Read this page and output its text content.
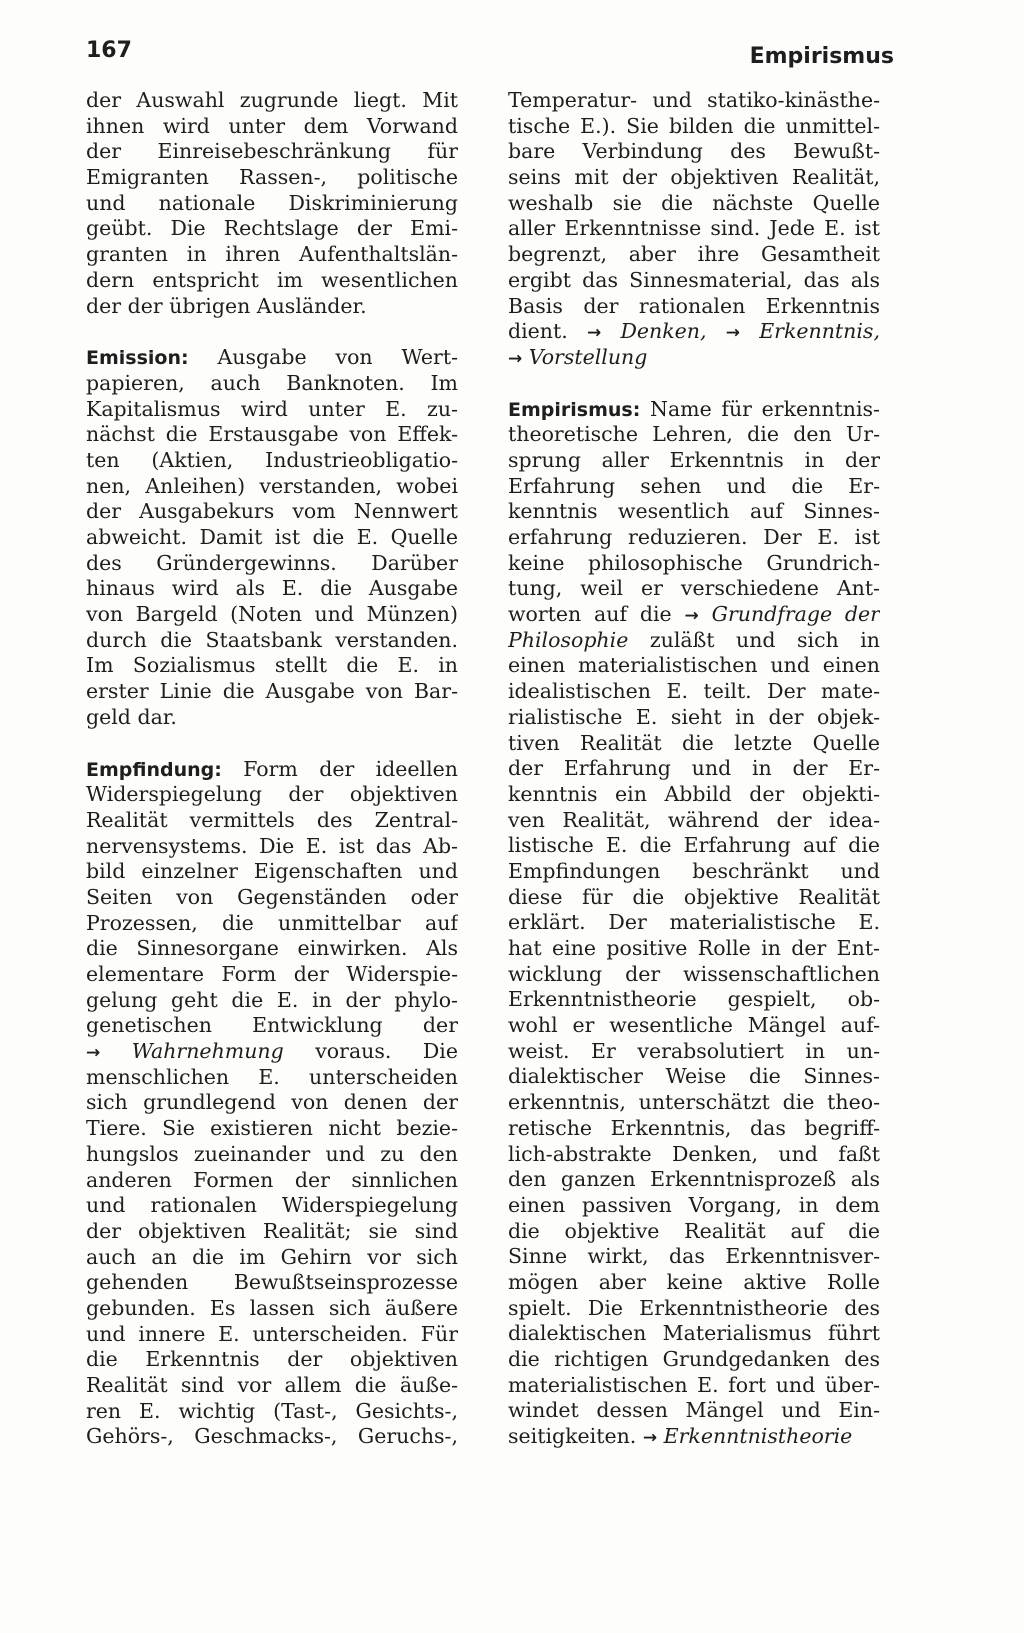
167	Empirismus
der Auswahl zugrunde liegt. Mit
ihnen wird unter dem Vorwand
der Einreisebeschränkung für
Emigranten Rassen-, politische
und nationale Diskriminierung
geübt. Die Rechtslage der Emi-
granten in ihren Aufenthaltslän-
dern entspricht im wesentlichen
der der übrigen Ausländer.
Emission: Ausgabe von Wert-
papieren, auch Banknoten. Im
Kapitalismus wird unter E. zu-
nächst die Erstausgabe von Effek-
ten (Aktien, Industrieobligatio-
nen, Anleihen) verstanden, wobei
der Ausgabekurs vom Nennwert
abweicht. Damit ist die E. Quelle
des Gründergewinns. Darüber
hinaus wird als E. die Ausgabe
von Bargeld (Noten und Münzen)
durch die Staatsbank verstanden.
Im Sozialismus stellt die E. in
erster Linie die Ausgabe von Bar-
geld dar.
Empfindung: Form der ideellen
Widerspiegelung der objektiven
Realität vermittels des Zentral-
nervensystems. Die E. ist das Ab-
bild einzelner Eigenschaften und
Seiten von Gegenständen oder
Prozessen, die unmittelbar auf
die Sinnesorgane einwirken. Als
elementare Form der Widerspie-
gelung geht die E. in der phylo-
genetischen Entwicklung der
→ Wahrnehmung voraus. Die
menschlichen E. unterscheiden
sich grundlegend von denen der
Tiere. Sie existieren nicht bezie-
hungslos zueinander und zu den
anderen Formen der sinnlichen
und rationalen Widerspiegelung
der objektiven Realität; sie sind
auch an die im Gehirn vor sich
gehenden Bewußtseinsprozesse
gebunden. Es lassen sich äußere
und innere E. unterscheiden. Für
die Erkenntnis der objektiven
Realität sind vor allem die äuße-
ren E. wichtig (Tast-, Gesichts-,
Gehörs-, Geschmacks-, Geruchs-,
Temperatur- und statiko-kinästhe-
tische E.). Sie bilden die unmittel-
bare Verbindung des Bewußt-
seins mit der objektiven Realität,
weshalb sie die nächste Quelle
aller Erkenntnisse sind. Jede E. ist
begrenzt, aber ihre Gesamtheit
ergibt das Sinnesmaterial, das als
Basis der rationalen Erkenntnis
dient. → Denken, → Erkenntnis,
→ Vorstellung
Empirismus: Name für erkenntnis-
theoretische Lehren, die den Ur-
sprung aller Erkenntnis in der
Erfahrung sehen und die Er-
kenntnis wesentlich auf Sinnes-
erfahrung reduzieren. Der E. ist
keine philosophische Grundrich-
tung, weil er verschiedene Ant-
worten auf die → Grundfrage der
Philosophie zuläßt und sich in
einen materialistischen und einen
idealistischen E. teilt. Der mate-
rialistische E. sieht in der objek-
tiven Realität die letzte Quelle
der Erfahrung und in der Er-
kenntnis ein Abbild der objekti-
ven Realität, während der idea-
listische E. die Erfahrung auf die
Empfindungen beschränkt und
diese für die objektive Realität
erklärt. Der materialistische E.
hat eine positive Rolle in der Ent-
wicklung der wissenschaftlichen
Erkenntnistheorie gespielt, ob-
wohl er wesentliche Mängel auf-
weist. Er verabsolutiert in un-
dialektischer Weise die Sinnes-
erkenntnis, unterschätzt die theo-
retische Erkenntnis, das begriff-
lich-abstrakte Denken, und faßt
den ganzen Erkenntnisprozeß als
einen passiven Vorgang, in dem
die objektive Realität auf die
Sinne wirkt, das Erkenntnisver-
mögen aber keine aktive Rolle
spielt. Die Erkenntnistheorie des
dialektischen Materialismus führt
die richtigen Grundgedanken des
materialistischen E. fort und über-
windet dessen Mängel und Ein-
seitigkeiten. → Erkenntnistheorie
